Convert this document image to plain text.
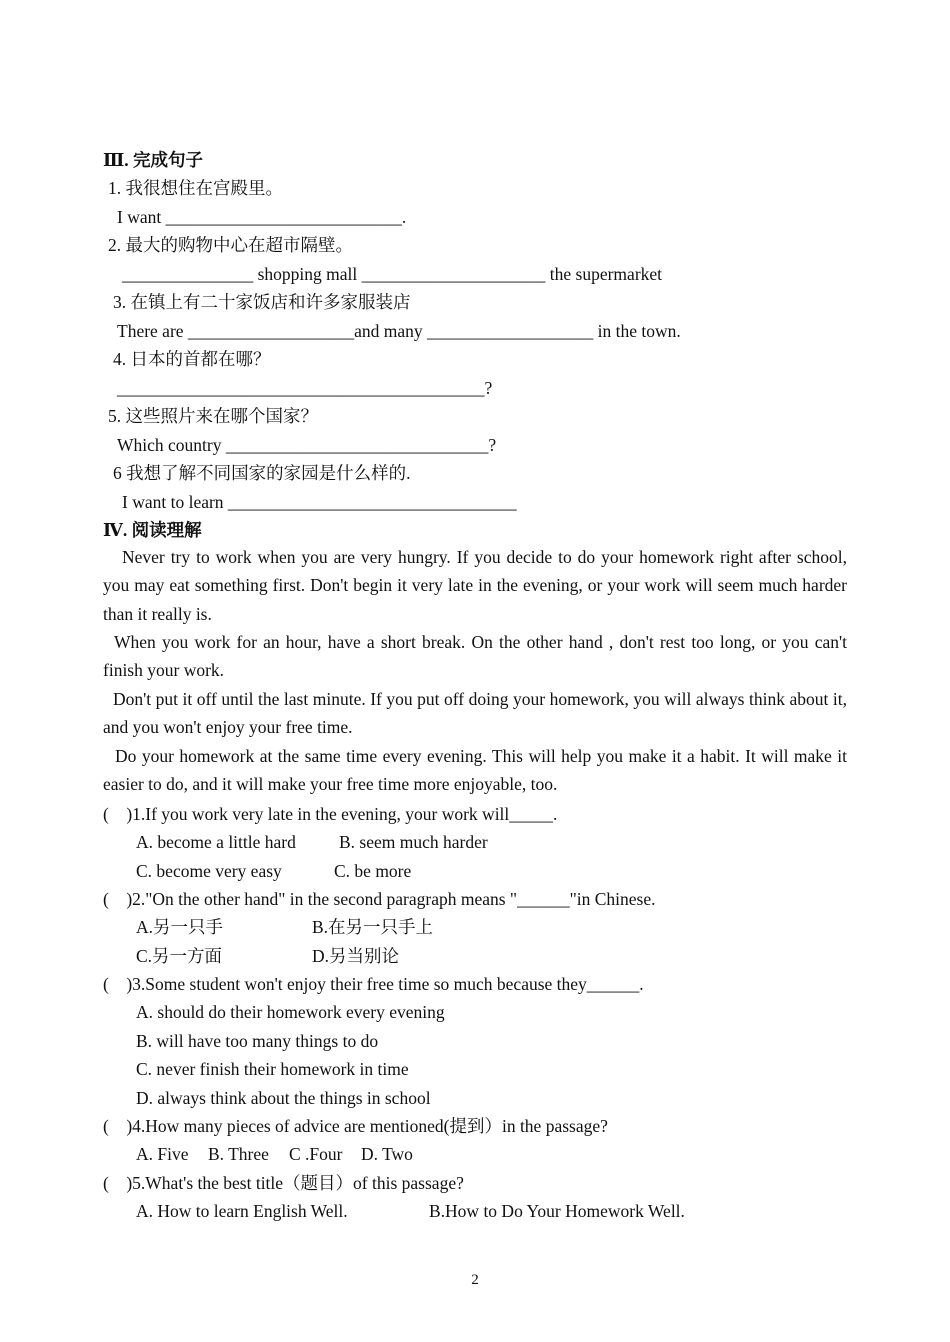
Ⅲ. 完成句子
1. 我很想住在宫殿里。
I want ___________________________.
2. 最大的购物中心在超市隔壁。
_______________ shopping mall _____________________ the supermarket
3. 在镇上有二十家饭店和许多家服装店
There are ___________________and many ___________________ in the town.
4. 日本的首都在哪？
__________________________________________?
5. 这些照片来在哪个国家？
Which country ______________________________?
6 我想了解不同国家的家园是什么样的.
I want to learn _________________________________
Ⅳ. 阅读理解
Never try to work when you are very hungry. If you decide to do your homework right after school, you may eat something first. Don't begin it very late in the evening, or your work will seem much harder than it really is.
When you work for an hour, have a short break. On the other hand , don't rest too long, or you can't finish your work.
Don't put it off until the last minute. If you put off doing your homework, you will always think about it, and you won't enjoy your free time.
Do your homework at the same time every evening. This will help you make it a habit. It will make it easier to do, and it will make your free time more enjoyable, too.
(    )1.If you work very late in the evening, your work will_____.
A. become a little hard B. seem much harder
C. become very easy	C. be more
(    )2."On the other hand" in the second paragraph means "______"in Chinese.
A.另一只手	B.在另一只手上
C.另一方面	D.另当别论
(    )3.Some student won't enjoy their free time so much because they______.
A. should do their homework every evening
B. will have too many things to do
C. never finish their homework in time
D. always think about the things in school
(    )4.How many pieces of advice are mentioned(提到）in the passage?
A. Five B. Three C .Four D. Two
(    )5.What's the best title（题目）of this passage?
A. How to learn English Well.	B.How to Do Your Homework Well.
2
